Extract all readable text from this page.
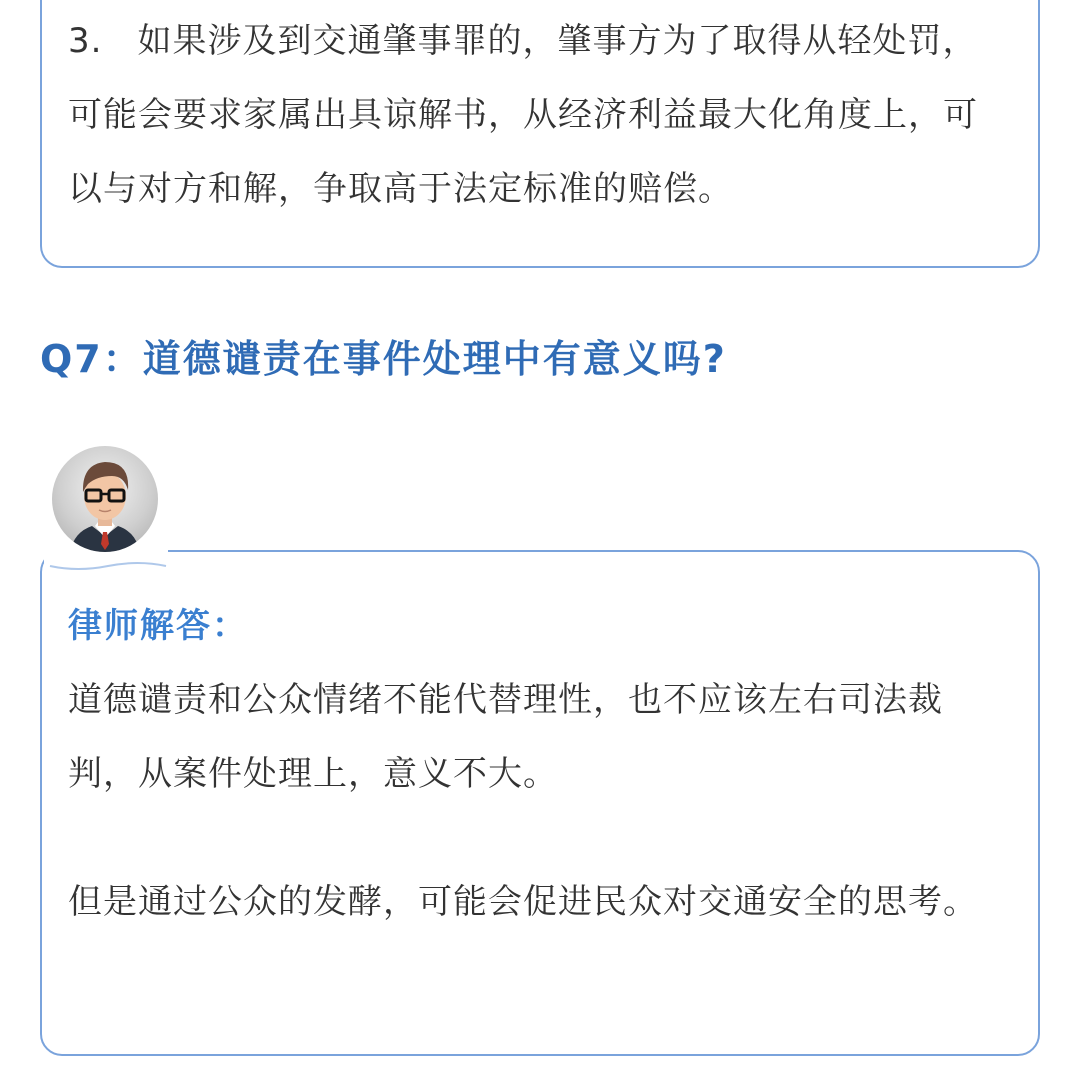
3.　如果涉及到交通肇事罪的，肇事方为了取得从轻处罚，可能会要求家属出具谅解书，从经济利益最大化角度上，可以与对方和解，争取高于法定标准的赔偿。
Q7：道德谴责在事件处理中有意义吗?
律师解答：
道德谴责和公众情绪不能代替理性，也不应该左右司法裁判，从案件处理上，意义不大。
但是通过公众的发酵，可能会促进民众对交通安全的思考。
